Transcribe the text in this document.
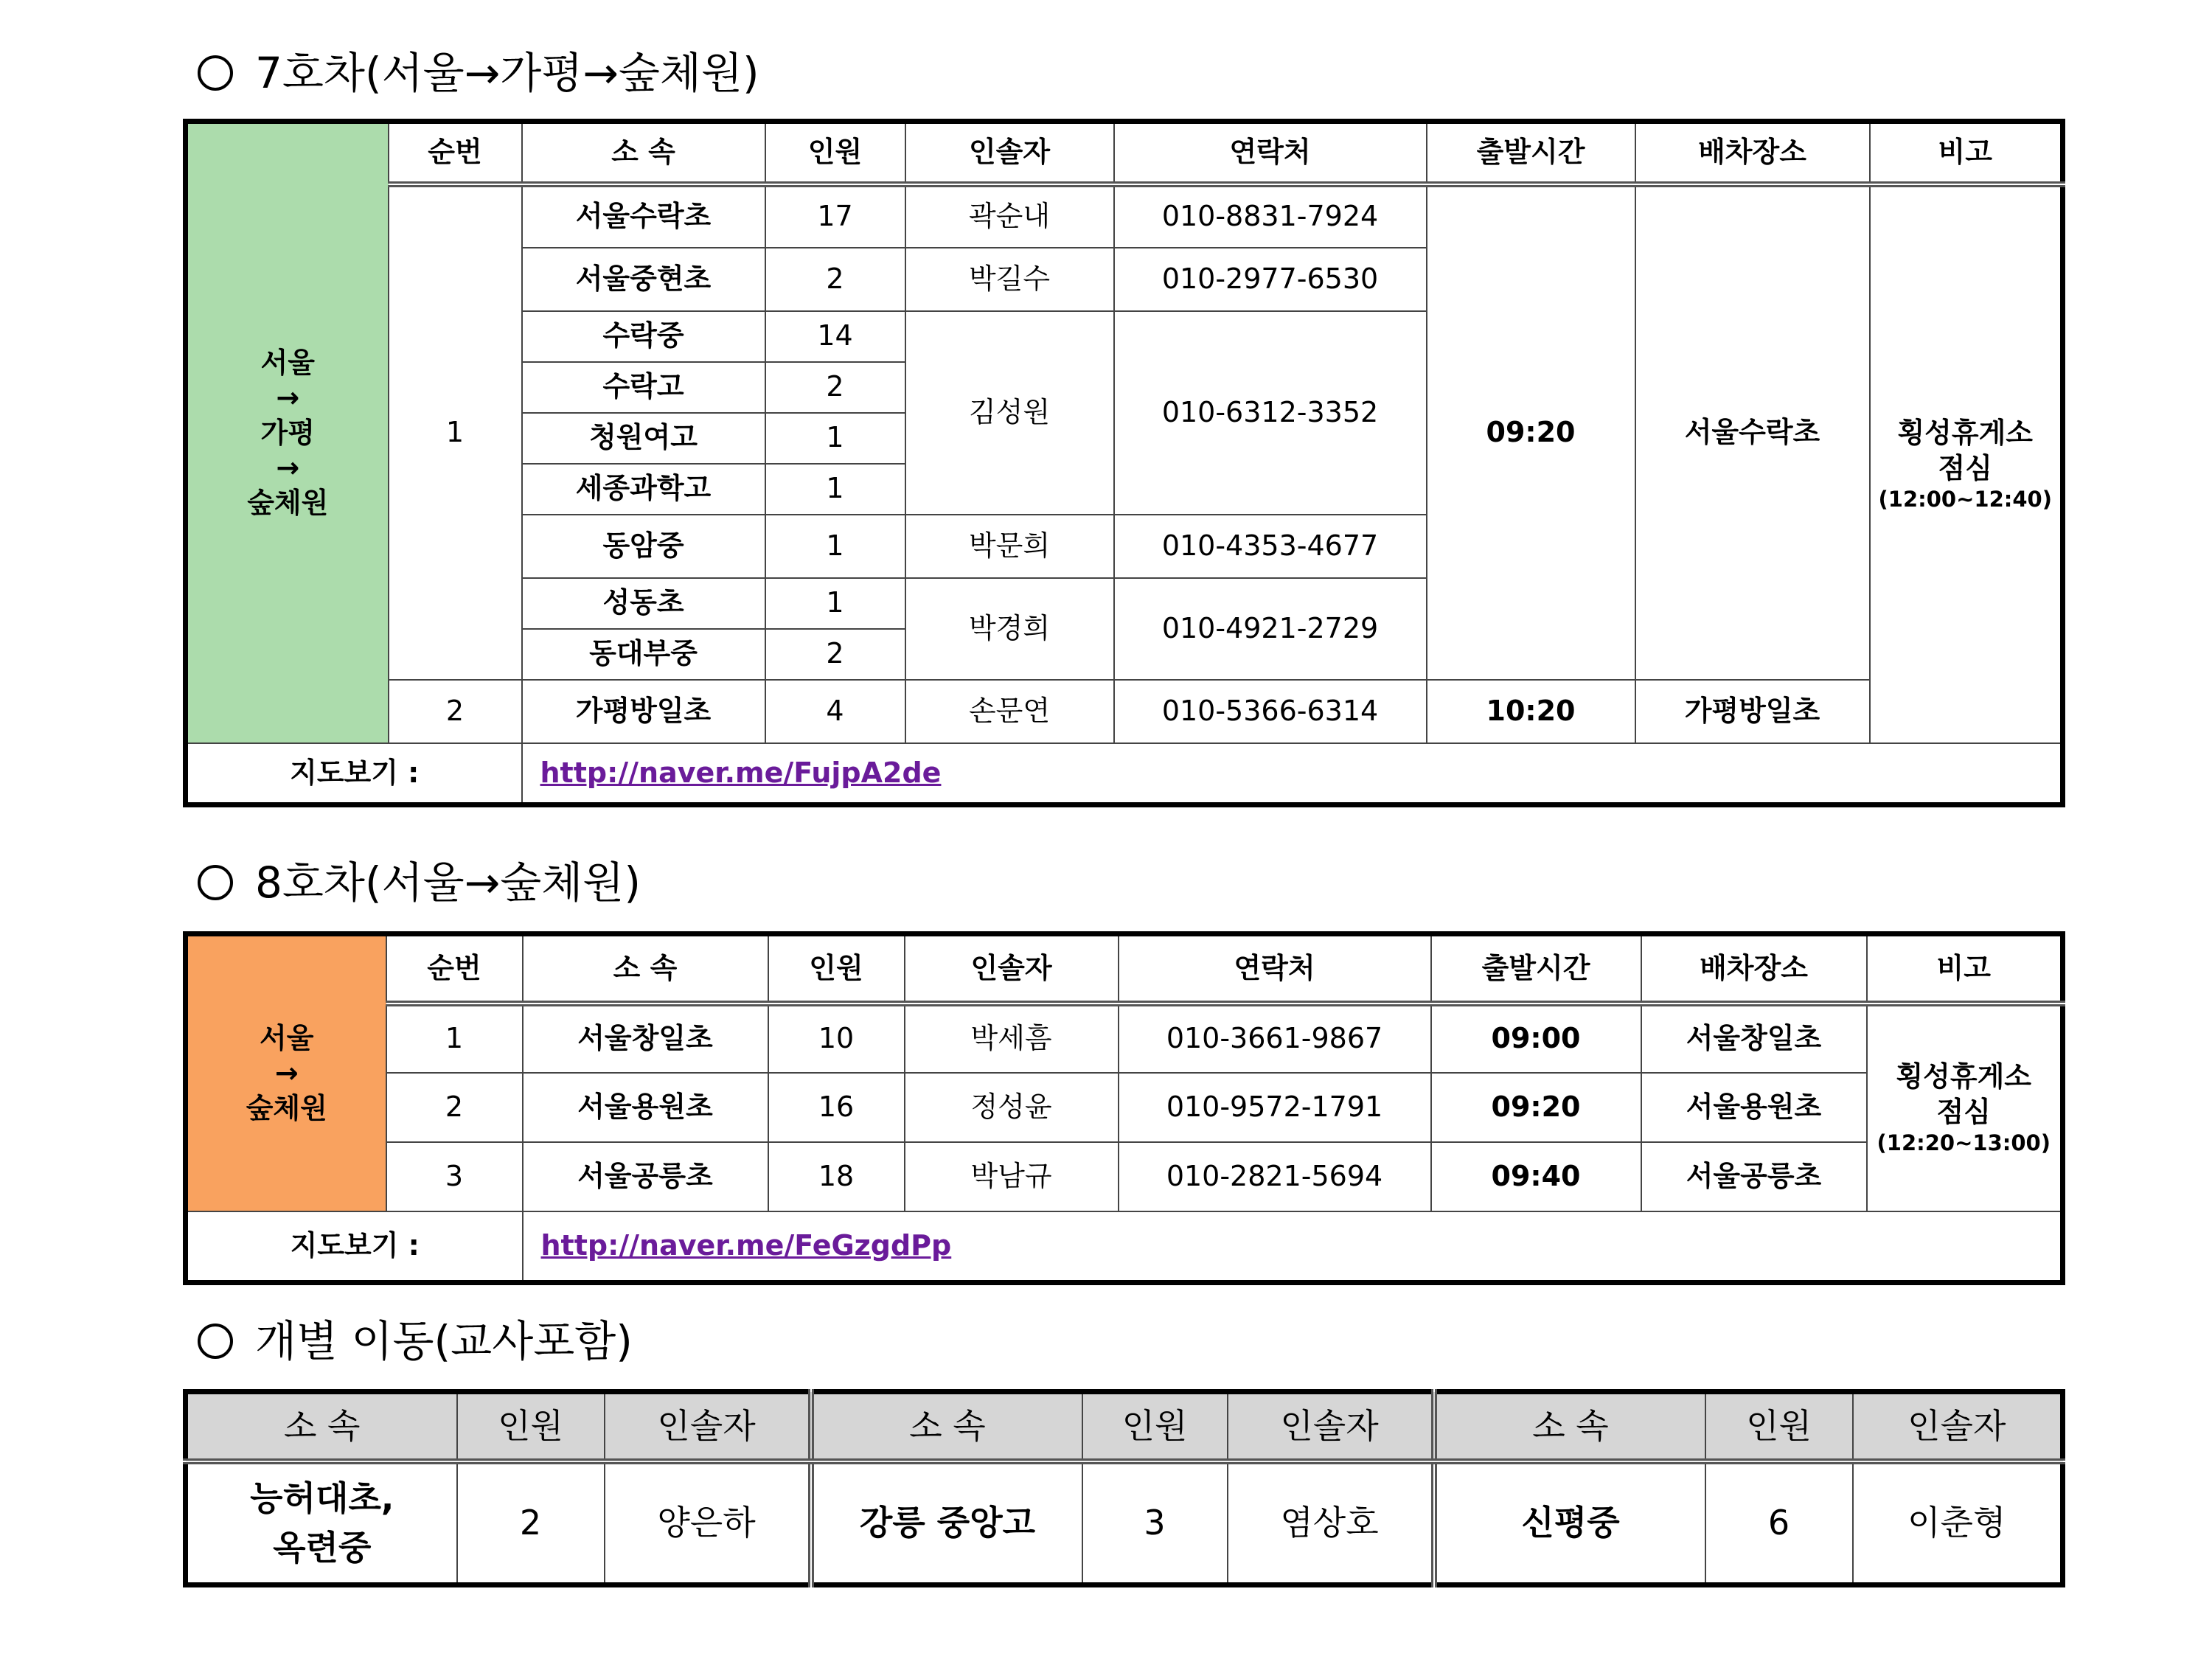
7호차(서울→가평→숲체원)
서울
→
가평
→
숲체원	순번	소 속	인원	인솔자	연락처	출발시간	배차장소	비고
	1	서울수락초	17	곽순내	010-8831-7924	09:20	서울수락초	횡성휴게소
점심
(12:00~12:40)

		서울중현초	2	박길수	010-2977-6530			
		수락중	14	김성원	010-6312-3352			
		수락고	2					
		청원여고	1					
		세종과학고	1					
		동암중	1	박문희	010-4353-4677			
		성동초	1	박경희	010-4921-2729			
		동대부중	2					
	2	가평방일초	4	손문연	010-5366-6314	10:20	가평방일초	
지도보기 :		http://naver.me/FujpA2de						
8호차(서울→숲체원)
서울
→
숲체원	순번	소 속	인원	인솔자	연락처	출발시간	배차장소	비고
	1	서울창일초	10	박세흠	010-3661-9867	09:00	서울창일초	횡성휴게소
점심
(12:20~13:00)

	2	서울용원초	16	정성윤	010-9572-1791	09:20	서울용원초	
	3	서울공릉초	18	박남규	010-2821-5694	09:40	서울공릉초	
지도보기 :		http://naver.me/FeGzgdPp						
개별 이동(교사포함)
소 속	인원	인솔자	소 속	인원	인솔자	소 속	인원	인솔자
능허대초,
옥련중	2	양은하	강릉 중앙고	3	염상호	신평중	6	이춘형
